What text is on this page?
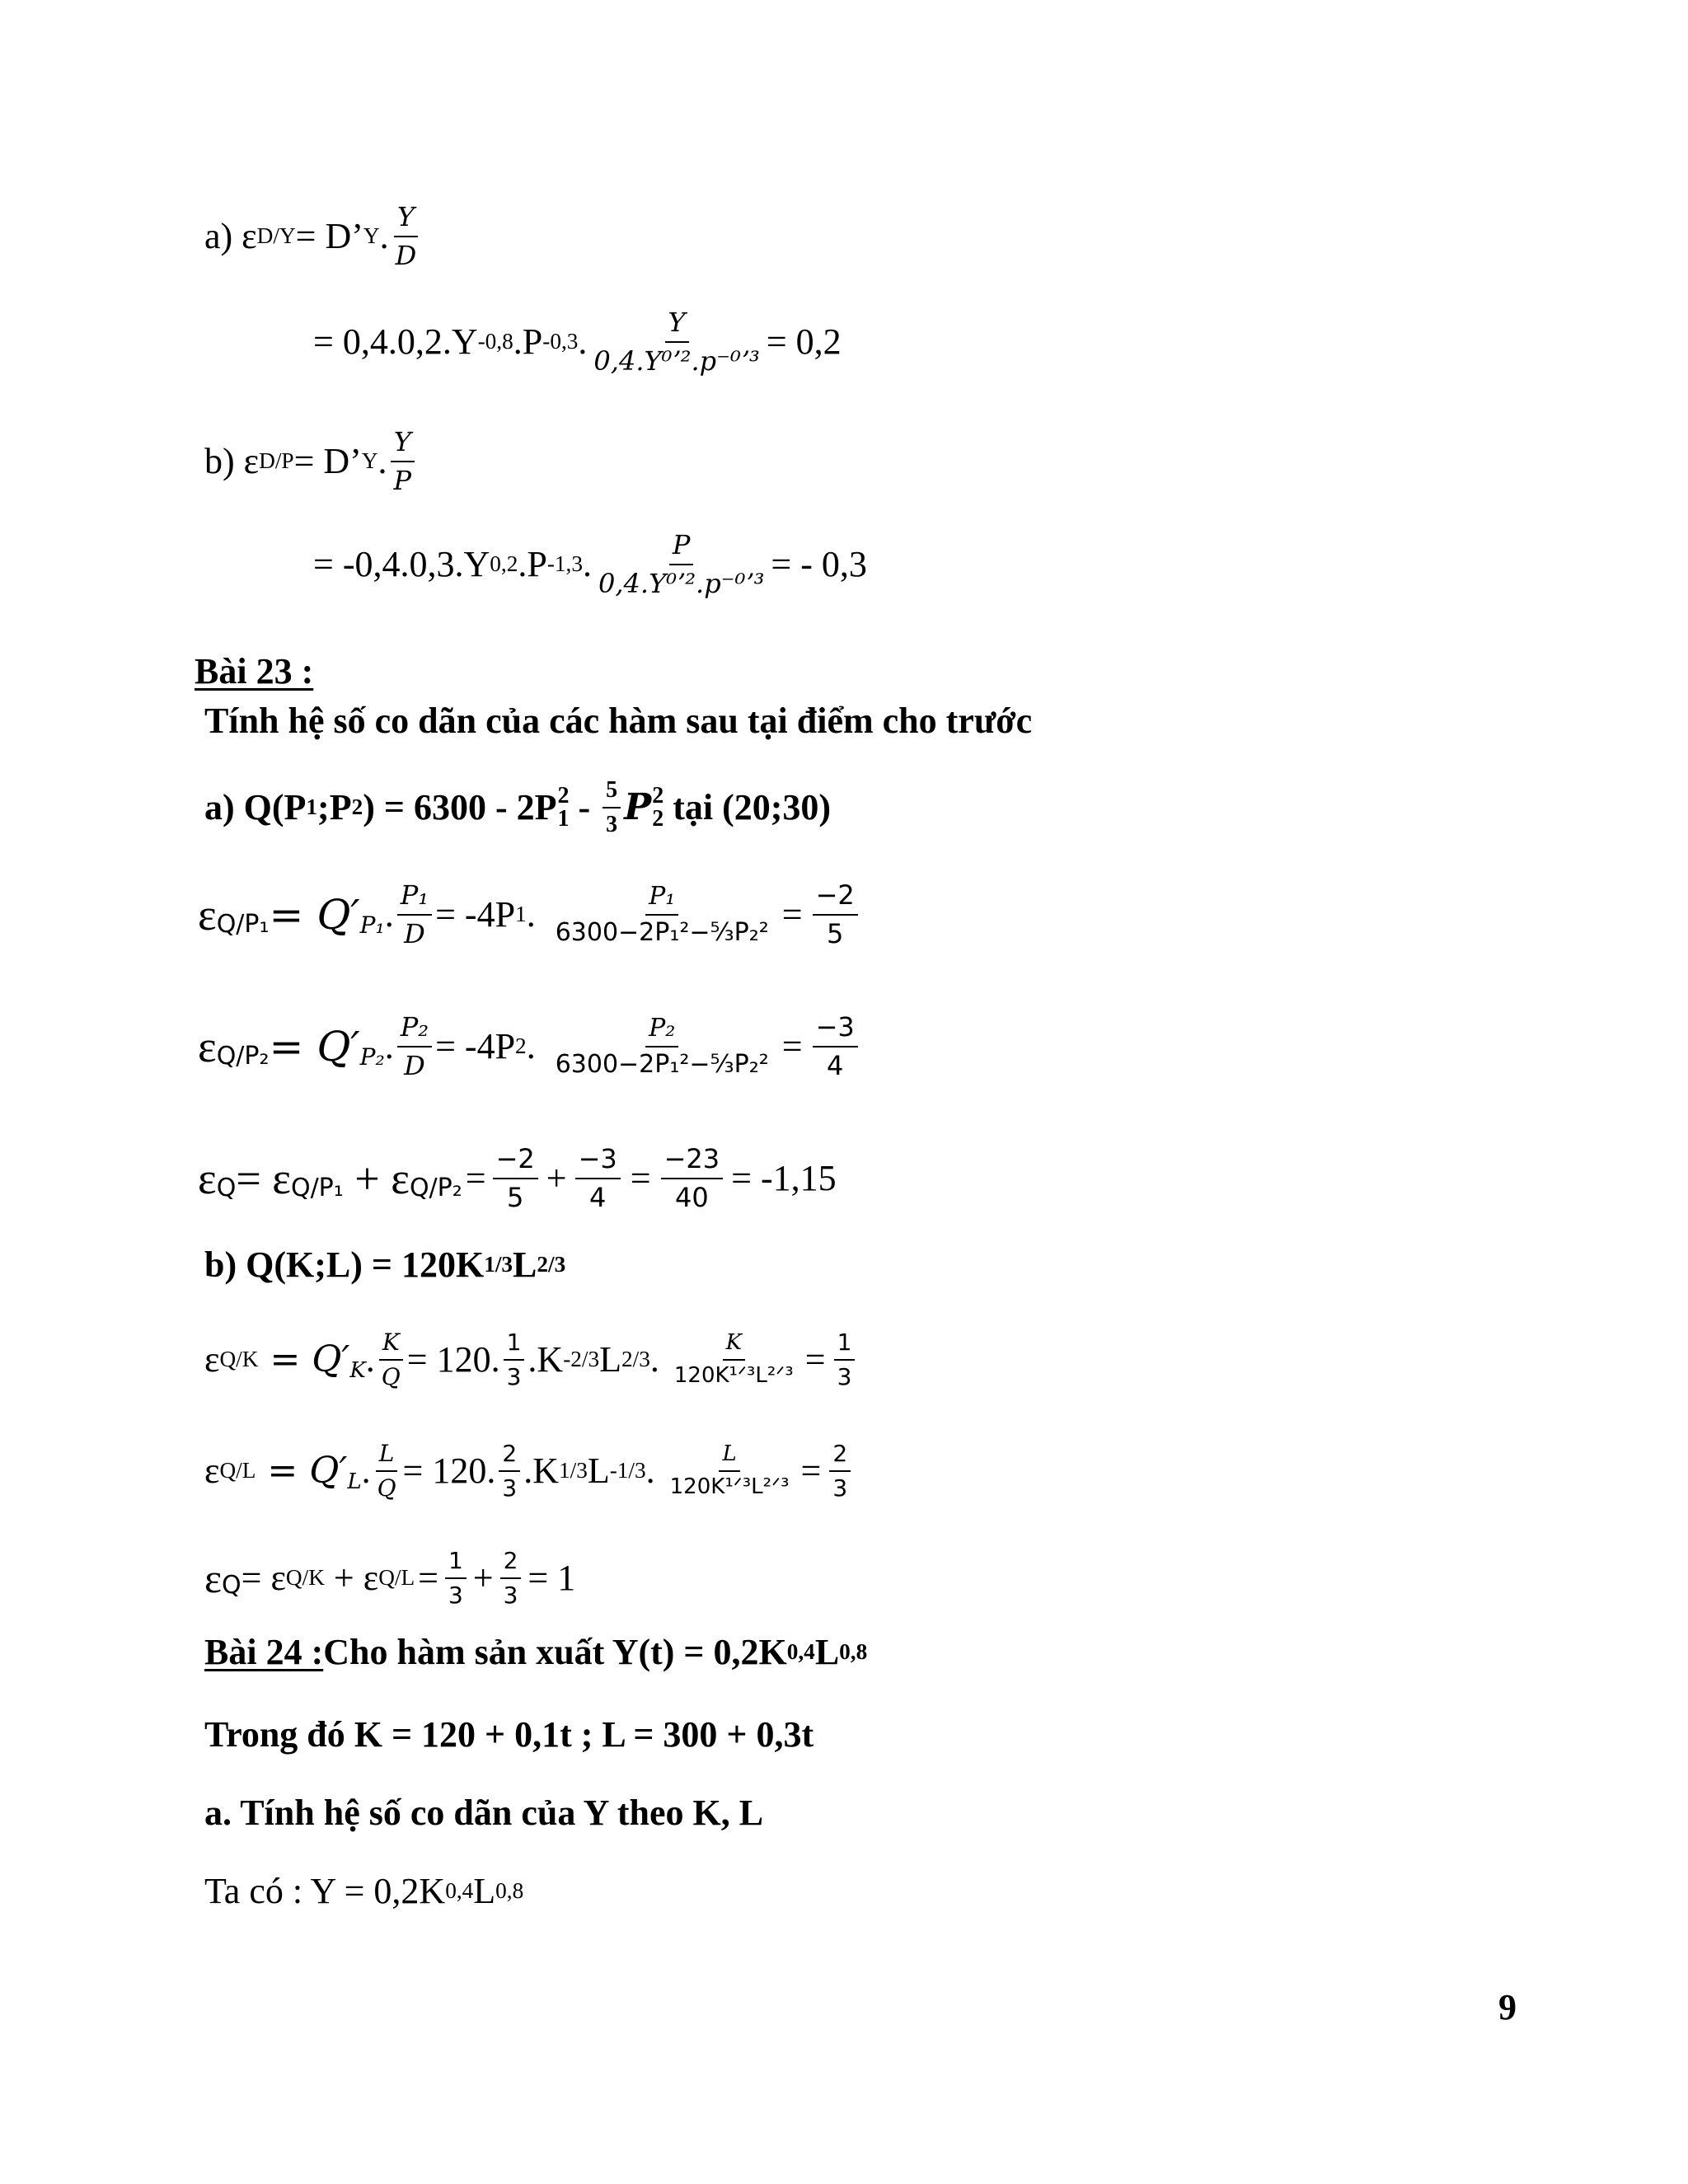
a) ε D/Y = D’ Y . $\frac{Y}{D}$
= 0,4.0,2.Y -0,8 .P -0,3 . $\frac{Y}{\text{0,4.Y⁰ʼ².p⁻⁰ʼ³}} = 0,2$
b) ε D/P = D’ Y . $\frac{Y}{P}$
= -0,4.0,3.Y 0,2 .P -1,3 . $\frac{P}{\text{0,4.Y⁰ʼ².p⁻⁰ʼ³}}$ = - 0,3
Bài 23 :
Tính hệ số co dãn của các hàm sau tại điểm cho trước
a) Q(P 1 ;P 2 ) = 6300 - 2P 2
$1 - \frac{5}{3}$ P 2
2 tại (20;30)
ε Q/P₁ = Q′ P₁ . $\frac{\text{P₁}}{D} = -4P$ 1 . $\frac{\text{P₁}}{\text{6300−2P₁²−⁵⁄₃P₂²}} = \frac{-2}{5}$
ε Q/P₂ = Q′ P₂ . $\frac{\text{P₂}}{D} = -4P$ 2 . $\frac{\text{P₂}}{\text{6300−2P₁²−⁵⁄₃P₂²}} = \frac{-3}{4}$
ε Q = ε Q/P₁ + ε $Q/P_2 = \frac{-2}{5} + \frac{-3}{4} = \frac{-23}{40} = -1,15$
b) Q(K;L) = 120K 1/3 L 2/3
ε Q/K = Q′ K . $\frac{K}{Q} = 120$. $\frac{1}{3} .K$ -2/3 L 2/3 . $\frac{K}{\text{120K¹ᐟ³L²ᐟ³}} = \frac{1}{3}$
ε Q/L = Q′ L . $\frac{L}{Q} = 120$. $\frac{2}{3} .K$ 1/3 L -1/3 . $\frac{L}{\text{120K¹ᐟ³L²ᐟ³}} = \frac{2}{3}$
ε Q = ε Q/K + ε $Q/L = \frac{1}{3} + \frac{2}{3} = 1$
Bài 24 : Cho hàm sản xuất Y(t) = 0,2K 0,4 L 0,8
Trong đó K = 120 + 0,1t ; L = 300 + 0,3t
a. Tính hệ số co dãn của Y theo K, L
Ta có : Y = 0,2K 0,4 L 0,8
9
